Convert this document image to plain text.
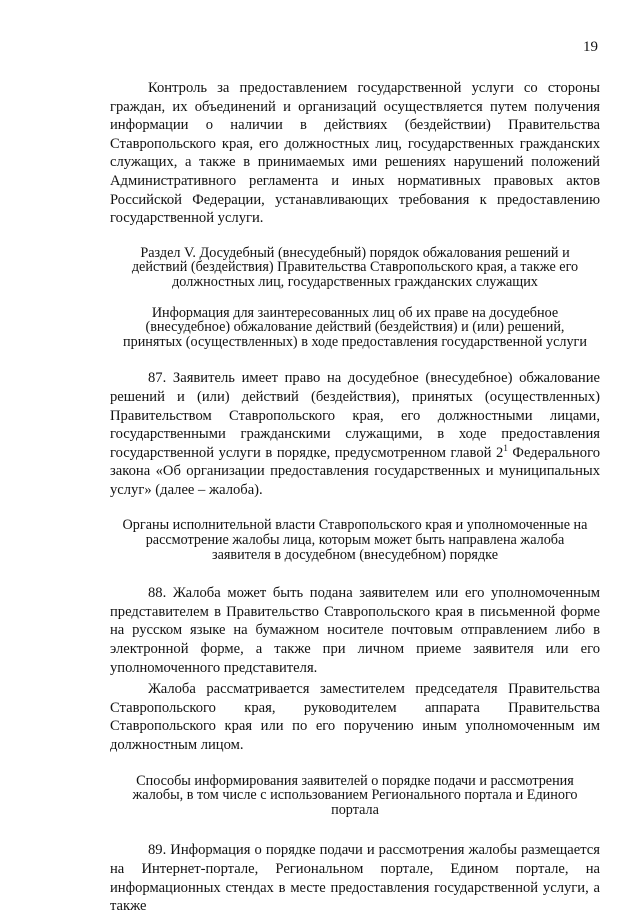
19

Контроль за предоставлением государственной услуги со стороны граждан, их объединений и организаций осуществляется путем получения информации о наличии в действиях (бездействии) Правительства Ставропольского края, его должностных лиц, государственных гражданских служащих, а также в принимаемых ими решениях нарушений положений Административного регламента и иных нормативных правовых актов Российской Федерации, устанавливающих требования к предоставлению государственной услуги.

Раздел V. Досудебный (внесудебный) порядок обжалования решений и действий (бездействия) Правительства Ставропольского края, а также его должностных лиц, государственных гражданских служащих

Информация для заинтересованных лиц об их праве на досудебное (внесудебное) обжалование действий (бездействия) и (или) решений, принятых (осуществленных) в ходе предоставления государственной услуги

87. Заявитель имеет право на досудебное (внесудебное) обжалование решений и (или) действий (бездействия), принятых (осуществленных) Правительством Ставропольского края, его должностными лицами, государственными гражданскими служащими, в ходе предоставления государственной услуги в порядке, предусмотренном главой $2^1$ Федерального закона «Об организации предоставления государственных и муниципальных услуг» (далее – жалоба).

Органы исполнительной власти Ставропольского края и уполномоченные на рассмотрение жалобы лица, которым может быть направлена жалоба заявителя в досудебном (внесудебном) порядке

88. Жалоба может быть подана заявителем или его уполномоченным представителем в Правительство Ставропольского края в письменной форме на русском языке на бумажном носителе почтовым отправлением либо в электронной форме, а также при личном приеме заявителя или его уполномоченного представителя.

Жалоба рассматривается заместителем председателя Правительства Ставропольского края, руководителем аппарата Правительства Ставропольского края или по его поручению иным уполномоченным им должностным лицом.

Способы информирования заявителей о порядке подачи и рассмотрения жалобы, в том числе с использованием Регионального портала и Единого портала

89. Информация о порядке подачи и рассмотрения жалобы размещается на Интернет-портале, Региональном портале, Едином портале, на информационных стендах в месте предоставления государственной услуги, а также
